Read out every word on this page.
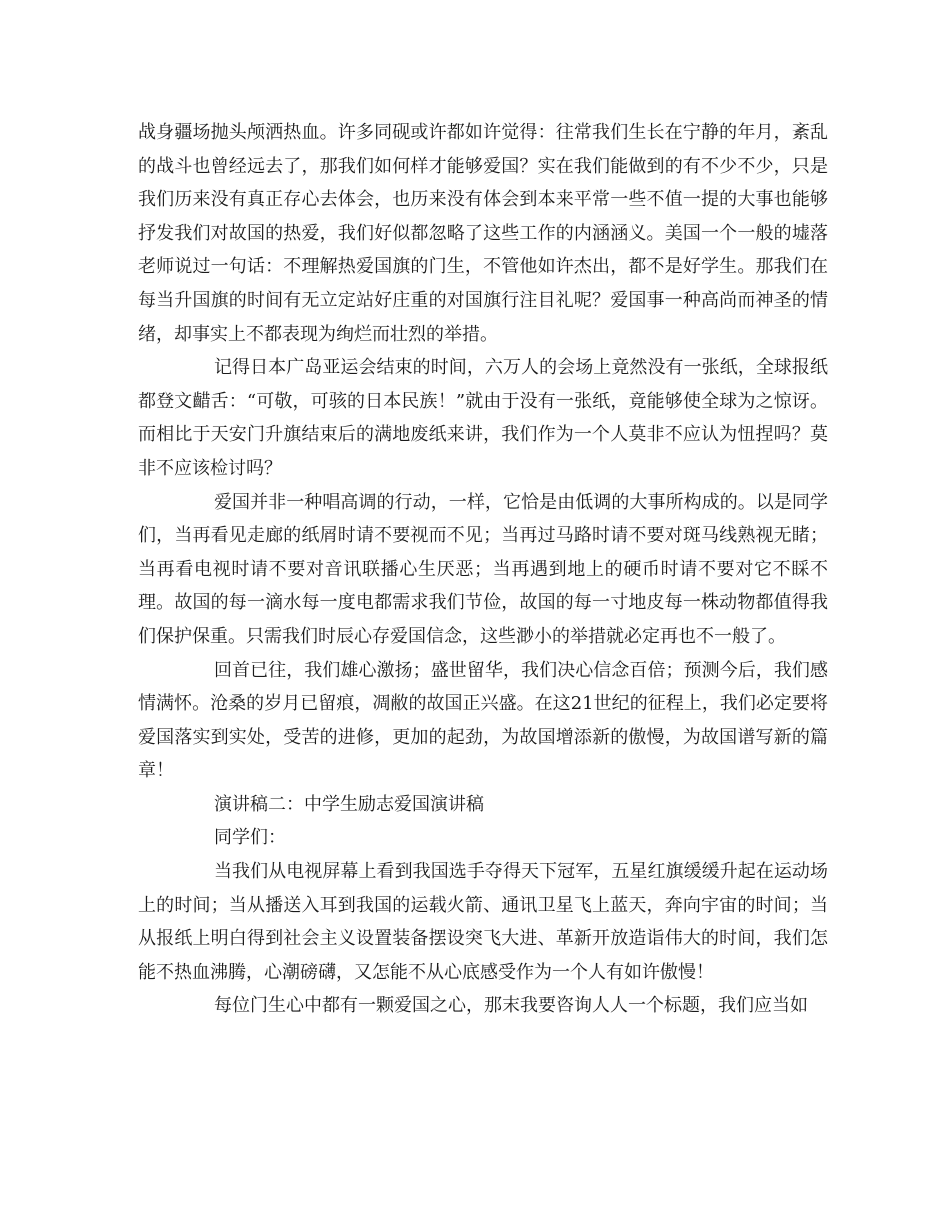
战身疆场抛头颅洒热血。许多同砚或许都如许觉得：往常我们生长在宁静的年月，紊乱的战斗也曾经远去了，那我们如何样才能够爱国？实在我们能做到的有不少不少，只是我们历来没有真正存心去体会，也历来没有体会到本来平常一些不值一提的大事也能够抒发我们对故国的热爱，我们好似都忽略了这些工作的内涵涵义。美国一个一般的墟落老师说过一句话：不理解热爱国旗的门生，不管他如许杰出，都不是好学生。那我们在每当升国旗的时间有无立定站好庄重的对国旗行注目礼呢？爱国事一种高尚而神圣的情绪，却事实上不都表现为绚烂而壮烈的举措。

记得日本广岛亚运会结束的时间，六万人的会场上竟然没有一张纸，全球报纸都登文齰舌：“可敬，可骇的日本民族！”就由于没有一张纸，竟能够使全球为之惊讶。而相比于天安门升旗结束后的满地废纸来讲，我们作为一个人莫非不应认为忸捏吗？莫非不应该检讨吗？

爱国并非一种唱高调的行动，一样，它恰是由低调的大事所构成的。以是同学们，当再看见走廊的纸屑时请不要视而不见；当再过马路时请不要对斑马线熟视无睹；当再看电视时请不要对音讯联播心生厌恶；当再遇到地上的硬币时请不要对它不睬不理。故国的每一滴水每一度电都需求我们节俭，故国的每一寸地皮每一株动物都值得我们保护保重。只需我们时辰心存爱国信念，这些渺小的举措就必定再也不一般了。

回首已往，我们雄心激扬；盛世留华，我们决心信念百倍；预测今后，我们感情满怀。沧桑的岁月已留痕，凋敝的故国正兴盛。在这21世纪的征程上，我们必定要将爱国落实到实处，受苦的进修，更加的起劲，为故国增添新的傲慢，为故国谱写新的篇章！

演讲稿二：中学生励志爱国演讲稿

同学们：

当我们从电视屏幕上看到我国选手夺得天下冠军，五星红旗缓缓升起在运动场上的时间；当从播送入耳到我国的运载火箭、通讯卫星飞上蓝天，奔向宇宙的时间；当从报纸上明白得到社会主义设置装备摆设突飞大进、革新开放造诣伟大的时间，我们怎能不热血沸腾，心潮磅礴，又怎能不从心底感受作为一个人有如许傲慢！

每位门生心中都有一颗爱国之心，那末我要咨询人人一个标题，我们应当如
